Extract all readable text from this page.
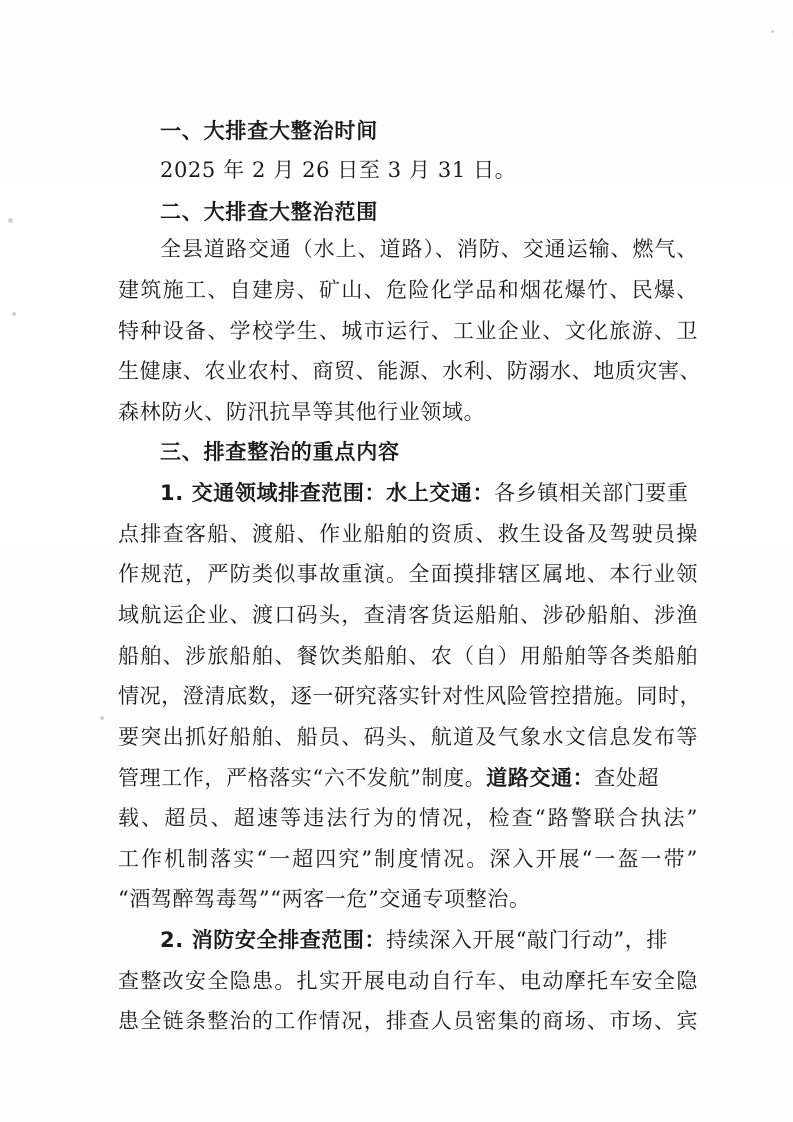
一、大排查大整治时间
2025 年 2 月 26 日至 3 月 31 日。
二、大排查大整治范围
全县道路交通（水上、道路）、消防、交通运输、燃气、
建筑施工、自建房、矿山、危险化学品和烟花爆竹、民爆、
特种设备、学校学生、城市运行、工业企业、文化旅游、卫
生健康、农业农村、商贸、能源、水利、防溺水、地质灾害、
森林防火、防汛抗旱等其他行业领域。
三、排查整治的重点内容
1. 交通领域排查范围：水上交通：各乡镇相关部门要重
点排查客船、渡船、作业船舶的资质、救生设备及驾驶员操
作规范，严防类似事故重演。全面摸排辖区属地、本行业领
域航运企业、渡口码头，查清客货运船舶、涉砂船舶、涉渔
船舶、涉旅船舶、餐饮类船舶、农（自）用船舶等各类船舶
情况，澄清底数，逐一研究落实针对性风险管控措施。同时，
要突出抓好船舶、船员、码头、航道及气象水文信息发布等
管理工作，严格落实“六不发航”制度。道路交通：查处超
载、超员、超速等违法行为的情况，检查“路警联合执法”
工作机制落实“一超四究”制度情况。深入开展“一盔一带”
“酒驾醉驾毒驾”“两客一危”交通专项整治。
2. 消防安全排查范围：持续深入开展“敲门行动”，排
查整改安全隐患。扎实开展电动自行车、电动摩托车安全隐
患全链条整治的工作情况，排查人员密集的商场、市场、宾
